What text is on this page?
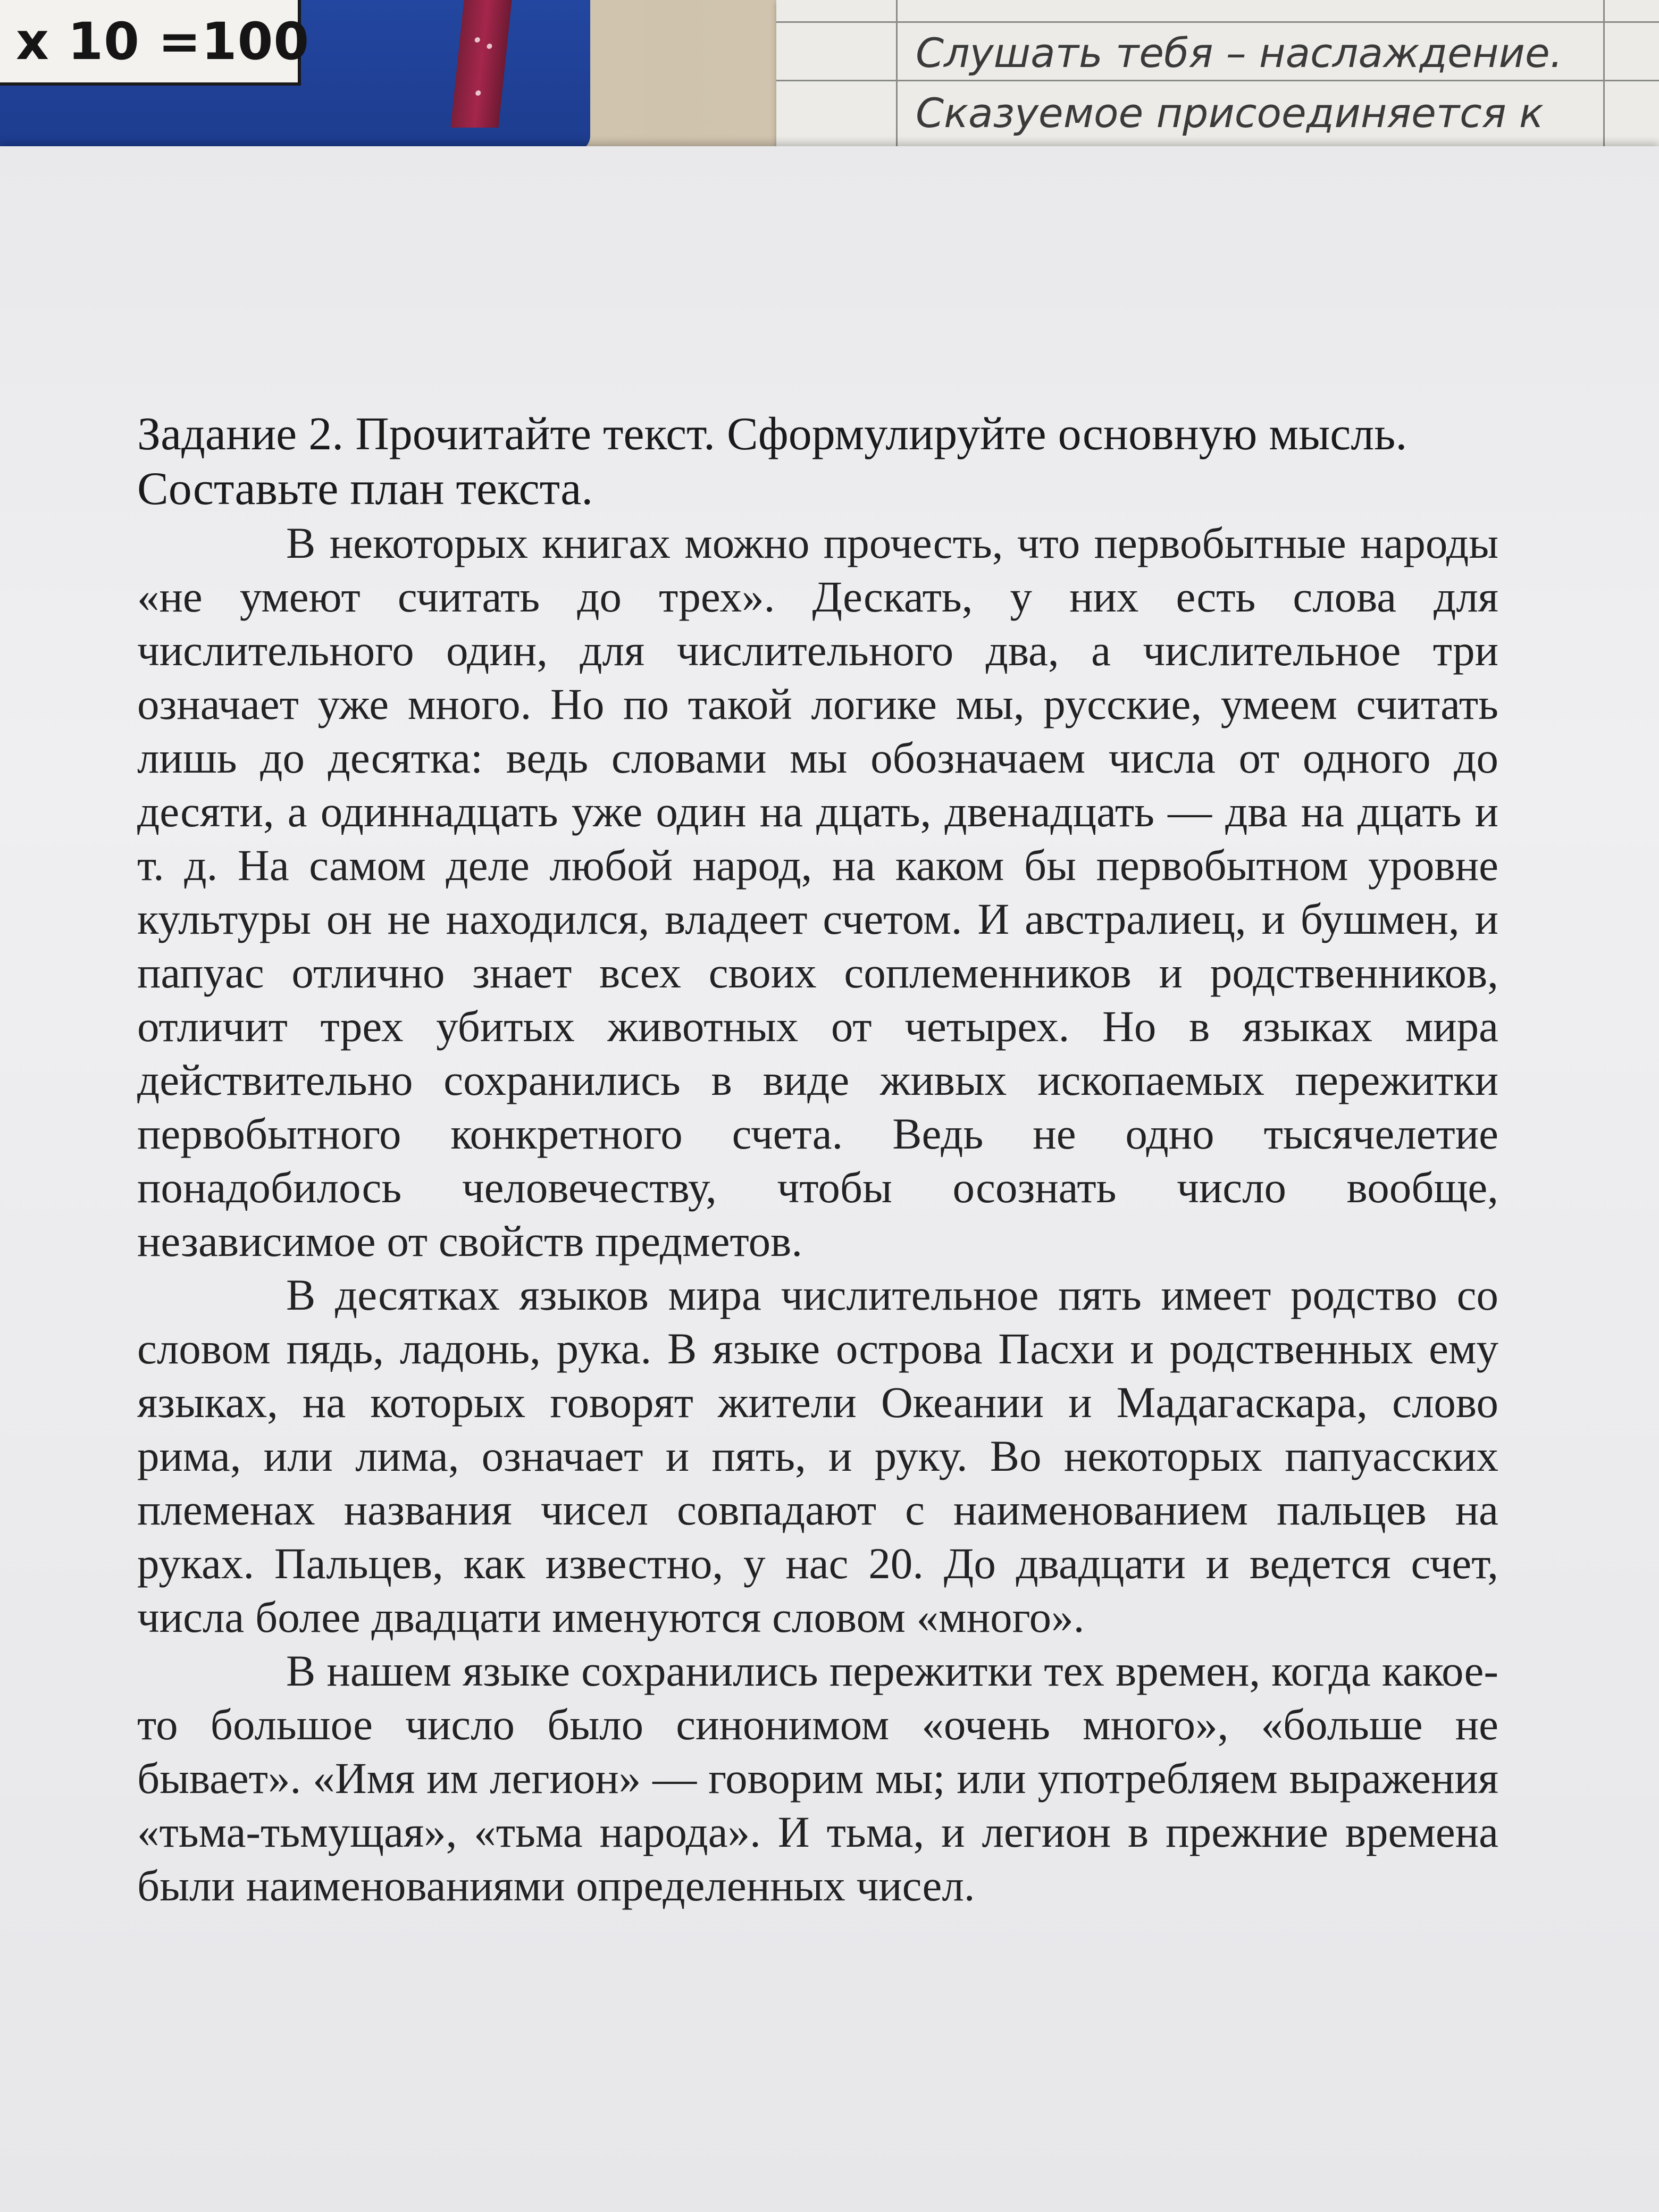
х 10 =100	Слушать тебя – наслаждение.
Сказуемое присоединяется к

Задание 2. Прочитайте текст. Сформулируйте основную мысль. Составьте план текста.

В некоторых книгах можно прочесть, что первобытные народы «не умеют считать до трех». Дескать, у них есть слова для числительного один, для числительного два, а числительное три означает уже много. Но по такой логике мы, русские, умеем считать лишь до десятка: ведь словами мы обозначаем числа от одного до десяти, а одиннадцать уже один на дцать, двенадцать — два на дцать и т. д. На самом деле любой народ, на каком бы первобытном уровне культуры он не находился, владеет счетом. И австралиец, и бушмен, и папуас отлично знает всех своих соплеменников и родственников, отличит трех убитых животных от четырех. Но в языках мира действительно сохранились в виде живых ископаемых пережитки первобытного конкретного счета. Ведь не одно тысячелетие понадобилось человечеству, чтобы осознать число вообще, независимое от свойств предметов.

В десятках языков мира числительное пять имеет родство со словом пядь, ладонь, рука. В языке острова Пасхи и родственных ему языках, на которых говорят жители Океании и Мадагаскара, слово рима, или лима, означает и пять, и руку. Во некоторых папуасских племенах названия чисел совпадают с наименованием пальцев на руках. Пальцев, как известно, у нас 20. До двадцати и ведется счет, числа более двадцати именуются словом «много».

В нашем языке сохранились пережитки тех времен, когда какое-то большое число было синонимом «очень много», «больше не бывает». «Имя им легион» — говорим мы; или употребляем выражения «тьма-тьмущая», «тьма народа». И тьма, и легион в прежние времена были наименованиями определенных чисел.
